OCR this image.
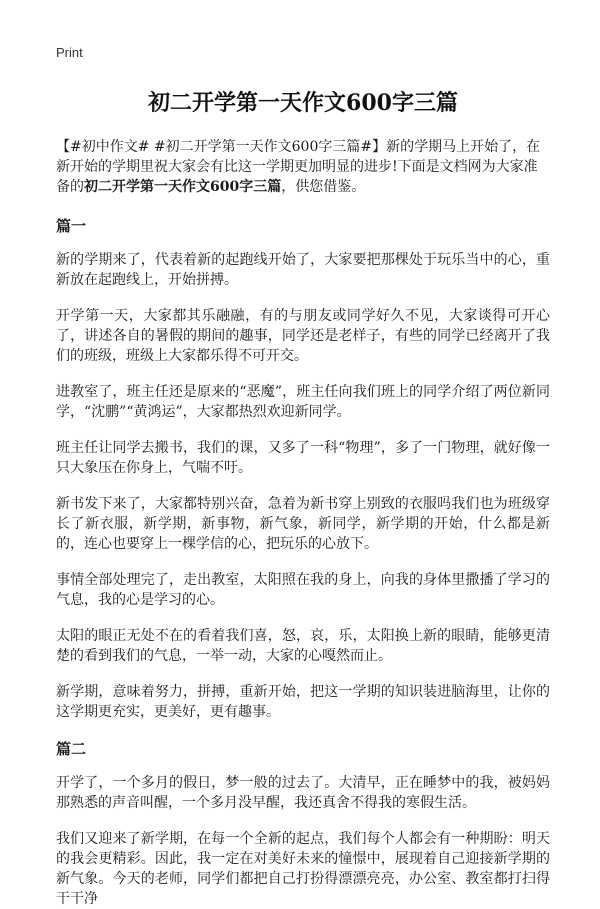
Print
初二开学第一天作文600字三篇

【#初中作文# #初二开学第一天作文600字三篇#】新的学期马上开始了，在新开始的学期里祝大家会有比这一学期更加明显的进步!下面是文档网为大家准备的初二开学第一天作文600字三篇，供您借鉴。

篇一

新的学期来了，代表着新的起跑线开始了，大家要把那棵处于玩乐当中的心，重新放在起跑线上，开始拼搏。

开学第一天，大家都其乐融融，有的与朋友或同学好久不见，大家谈得可开心了，讲述各自的暑假的期间的趣事，同学还是老样子，有些的同学已经离开了我们的班级，班级上大家都乐得不可开交。

进教室了，班主任还是原来的“恶魔”，班主任向我们班上的同学介绍了两位新同学，“沈鹏”“黄鸿运”，大家都热烈欢迎新同学。

班主任让同学去搬书，我们的课，又多了一科“物理”，多了一门物理，就好像一只大象压在你身上，气喘不吁。

新书发下来了，大家都特别兴奋，急着为新书穿上别致的衣服吗我们也为班级穿长了新衣服，新学期，新事物，新气象，新同学，新学期的开始，什么都是新的，连心也要穿上一棵学信的心，把玩乐的心放下。

事情全部处理完了，走出教室，太阳照在我的身上，向我的身体里撒播了学习的气息，我的心是学习的心。

太阳的眼正无处不在的看着我们喜，怒，哀，乐，太阳换上新的眼睛，能够更清楚的看到我们的气息，一举一动，大家的心嘎然而止。

新学期，意味着努力，拼搏，重新开始，把这一学期的知识装进脑海里，让你的这学期更充实，更美好，更有趣事。

篇二

开学了，一个多月的假日，梦一般的过去了。大清早，正在睡梦中的我，被妈妈那熟悉的声音叫醒，一个多月没早醒，我还真舍不得我的寒假生活。

我们又迎来了新学期，在每一个全新的起点，我们每个人都会有一种期盼：明天的我会更精彩。因此，我一定在对美好未来的憧憬中，展现着自己迎接新学期的新气象。今天的老师，同学们都把自己打扮得漂漂亮亮，办公室、教室都打扫得干干净
